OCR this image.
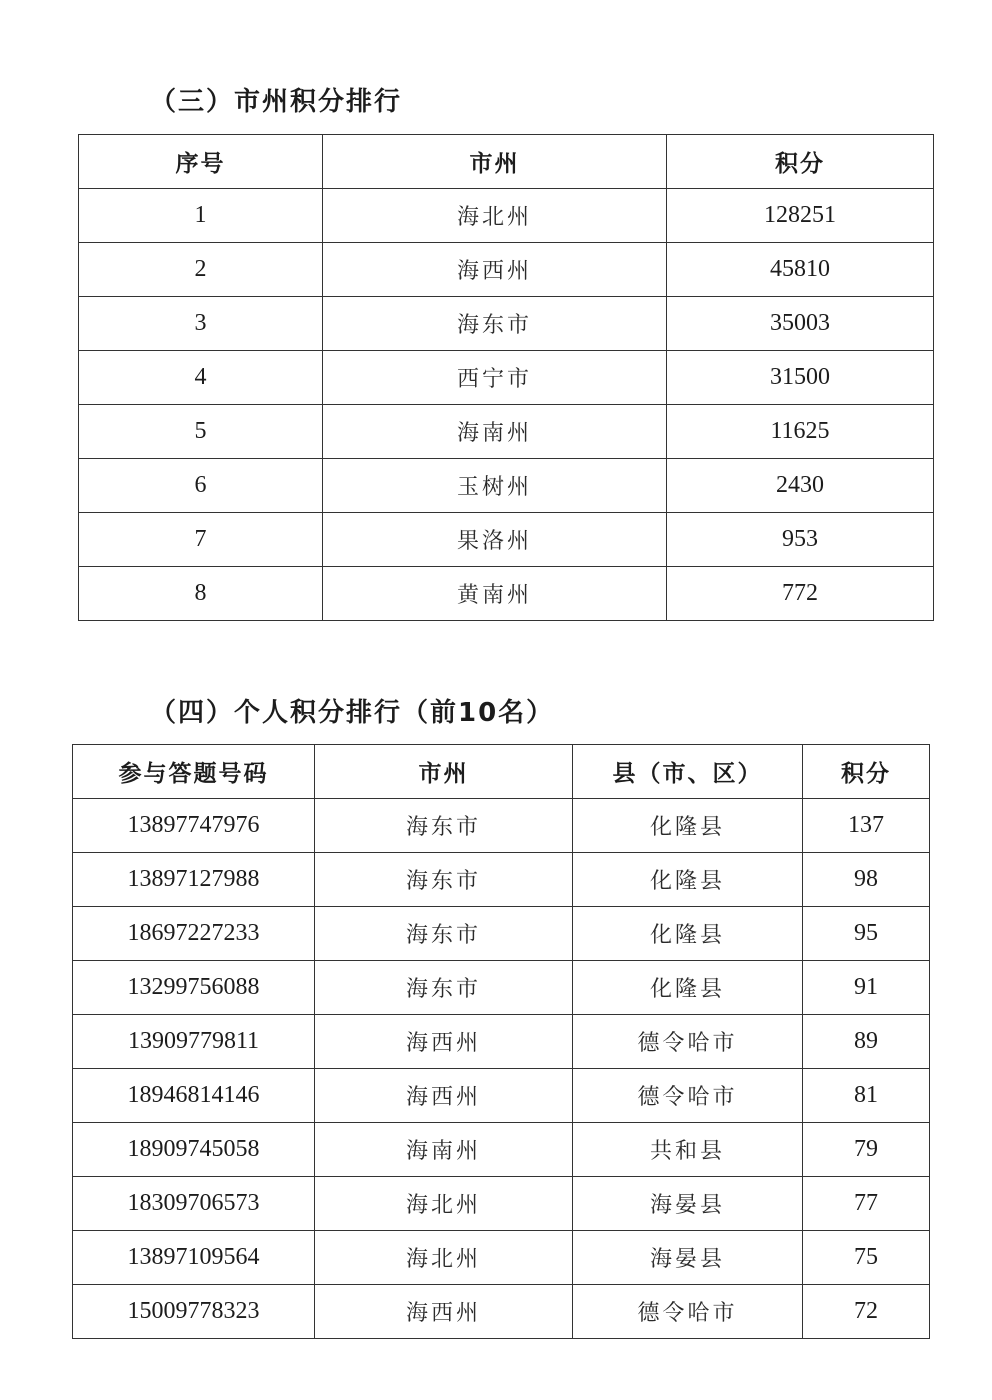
（三）市州积分排行
序号	市州	积分
1	海北州	128251
2	海西州	45810
3	海东市	35003
4	西宁市	31500
5	海南州	11625
6	玉树州	2430
7	果洛州	953
8	黄南州	772
（四）个人积分排行（前10名）
参与答题号码	市州	县（市、区）	积分
13897747976	海东市	化隆县	137
13897127988	海东市	化隆县	98
18697227233	海东市	化隆县	95
13299756088	海东市	化隆县	91
13909779811	海西州	德令哈市	89
18946814146	海西州	德令哈市	81
18909745058	海南州	共和县	79
18309706573	海北州	海晏县	77
13897109564	海北州	海晏县	75
15009778323	海西州	德令哈市	72
